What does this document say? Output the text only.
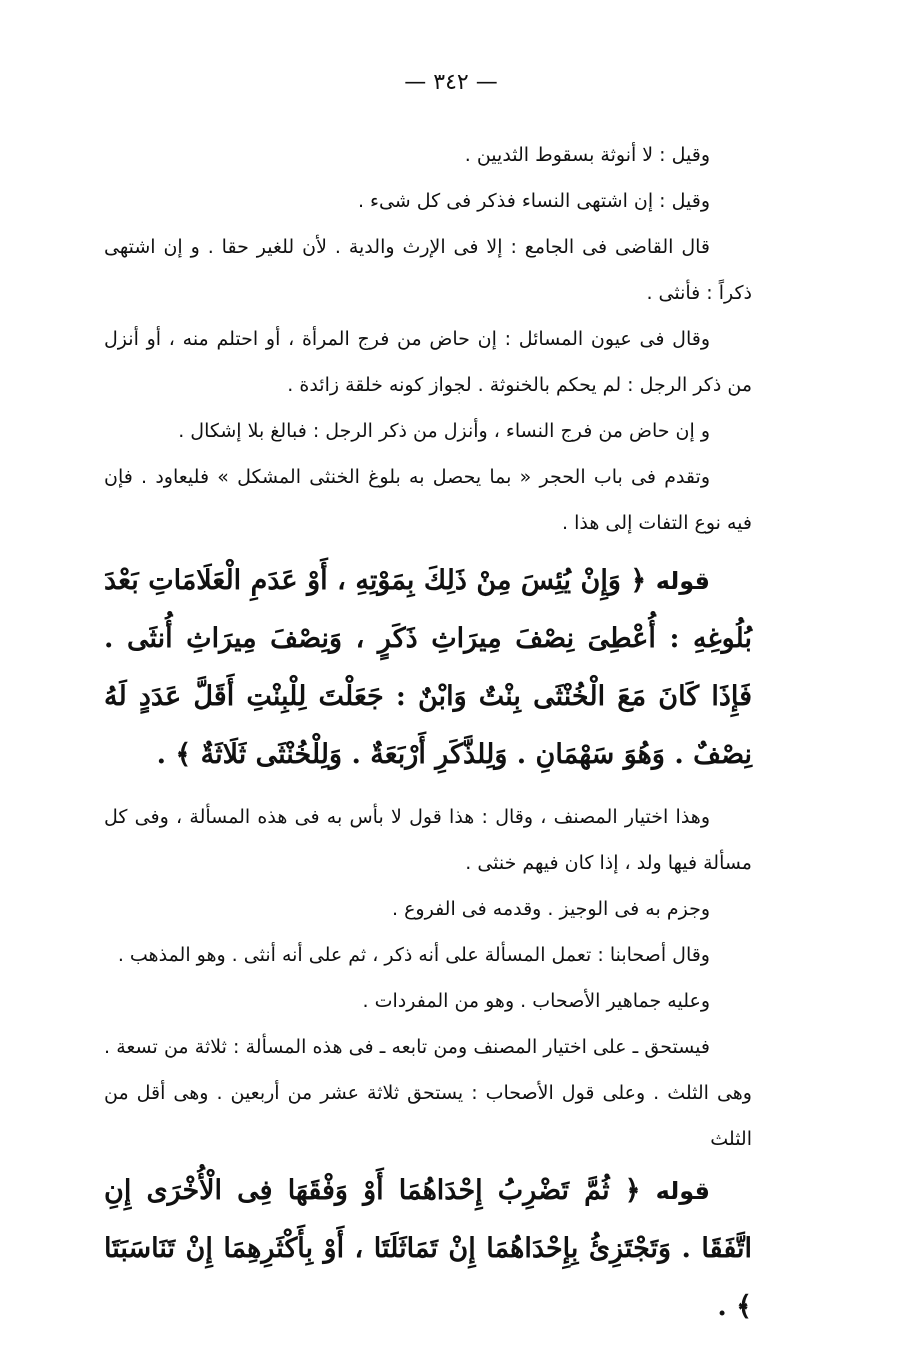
— ٣٤٢ —

وقيل : لا أنوثة بسقوط الثديين .

وقيل : إن اشتهى النساء فذكر فى كل شىء .

قال القاضى فى الجامع : إلا فى الإرث والدية . لأن للغير حقا . و إن اشتهى ذكراً : فأنثى .

وقال فى عيون المسائل : إن حاض من فرج المرأة ، أو احتلم منه ، أو أنزل من ذكر الرجل : لم يحكم بالخنوثة . لجواز كونه خلقة زائدة .

و إن حاض من فرج النساء ، وأنزل من ذكر الرجل : فبالغ بلا إشكال .

وتقدم فى باب الحجر « بما يحصل به بلوغ الخنثى المشكل » فليعاود . فإن فيه نوع التفات إلى هذا .

قوله ﴿ وَإِنْ يُئِسَ مِنْ ذَلِكَ بِمَوْتِهِ ، أَوْ عَدَمِ الْعَلَامَاتِ بَعْدَ بُلُوغِهِ : أُعْطِىَ نِصْفَ مِيرَاثِ ذَكَرٍ ، وَنِصْفَ مِيرَاثِ أُنثَى . فَإِذَا كَانَ مَعَ الْخُنْثَى بِنْتٌ وَابْنٌ : جَعَلْتَ لِلْبِنْتِ أَقَلَّ عَدَدٍ لَهُ نِصْفٌ . وَهُوَ سَهْمَانِ . وَلِلذَّكَرِ أَرْبَعَةٌ . وَلِلْخُنْثَى ثَلَاثَةٌ ﴾ .

وهذا اختيار المصنف ، وقال : هذا قول لا بأس به فى هذه المسألة ، وفى كل مسألة فيها ولد ، إذا كان فيهم خنثى .

وجزم به فى الوجيز . وقدمه فى الفروع .

وقال أصحابنا : تعمل المسألة على أنه ذكر ، ثم على أنه أنثى . وهو المذهب .

وعليه جماهير الأصحاب . وهو من المفردات .

فيستحق ـ على اختيار المصنف ومن تابعه ـ فى هذه المسألة : ثلاثة من تسعة . وهى الثلث . وعلى قول الأصحاب : يستحق ثلاثة عشر من أربعين . وهى أقل من الثلث

قوله ﴿ ثُمَّ تَضْرِبُ إِحْدَاهُمَا أَوْ وَفْقَهَا فِى الْأُخْرَى إِنِ اتَّفَقَا . وَتَجْتَزِئُ بِإِحْدَاهُمَا إِنْ تَمَاثَلَتَا ، أَوْ بِأَكْثَرِهِمَا إِنْ تَنَاسَبَتَا ﴾ .
